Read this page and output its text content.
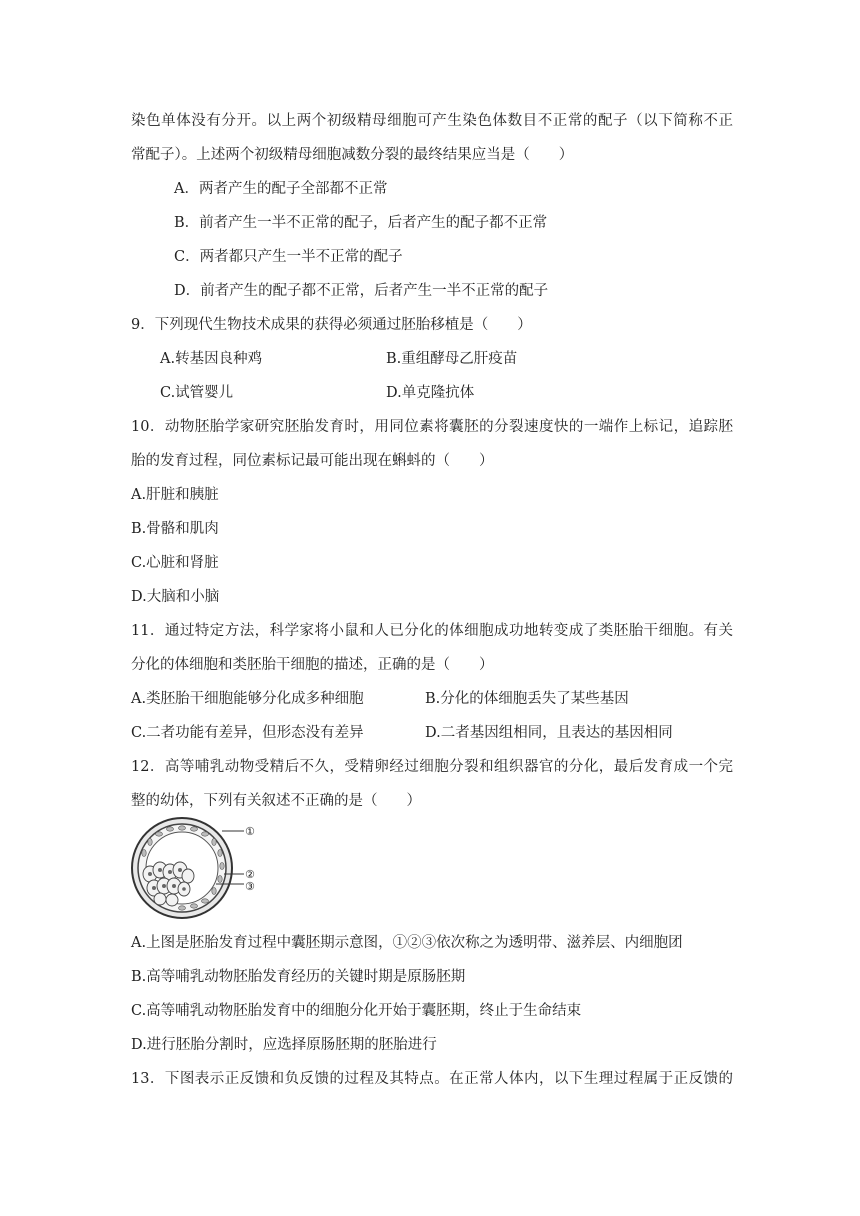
染色单体没有分开。以上两个初级精母细胞可产生染色体数目不正常的配子（以下简称不正
常配子）。上述两个初级精母细胞减数分裂的最终结果应当是（　　）
A．两者产生的配子全部都不正常
B．前者产生一半不正常的配子，后者产生的配子都不正常
C．两者都只产生一半不正常的配子
D．前者产生的配子都不正常，后者产生一半不正常的配子
9．下列现代生物技术成果的获得必须通过胚胎移植是（　　）
A.转基因良种鸡	B.重组酵母乙肝疫苗
C.试管婴儿	D.单克隆抗体
10．动物胚胎学家研究胚胎发育时，用同位素将囊胚的分裂速度快的一端作上标记，追踪胚
胎的发育过程，同位素标记最可能出现在蝌蚪的（　　）
A.肝脏和胰脏
B.骨骼和肌肉
C.心脏和肾脏
D.大脑和小脑
11．通过特定方法，科学家将小鼠和人已分化的体细胞成功地转变成了类胚胎干细胞。有关
分化的体细胞和类胚胎干细胞的描述，正确的是（　　）
A.类胚胎干细胞能够分化成多种细胞	B.分化的体细胞丢失了某些基因
C.二者功能有差异，但形态没有差异	D.二者基因组相同，且表达的基因相同
12．高等哺乳动物受精后不久，受精卵经过细胞分裂和组织器官的分化，最后发育成一个完
整的幼体，下列有关叙述不正确的是（　　）
①
②
③
A.上图是胚胎发育过程中囊胚期示意图，①②③依次称之为透明带、滋养层、内细胞团
B.高等哺乳动物胚胎发育经历的关键时期是原肠胚期
C.高等哺乳动物胚胎发育中的细胞分化开始于囊胚期，终止于生命结束
D.进行胚胎分割时，应选择原肠胚期的胚胎进行
13．下图表示正反馈和负反馈的过程及其特点。在正常人体内，以下生理过程属于正反馈的
